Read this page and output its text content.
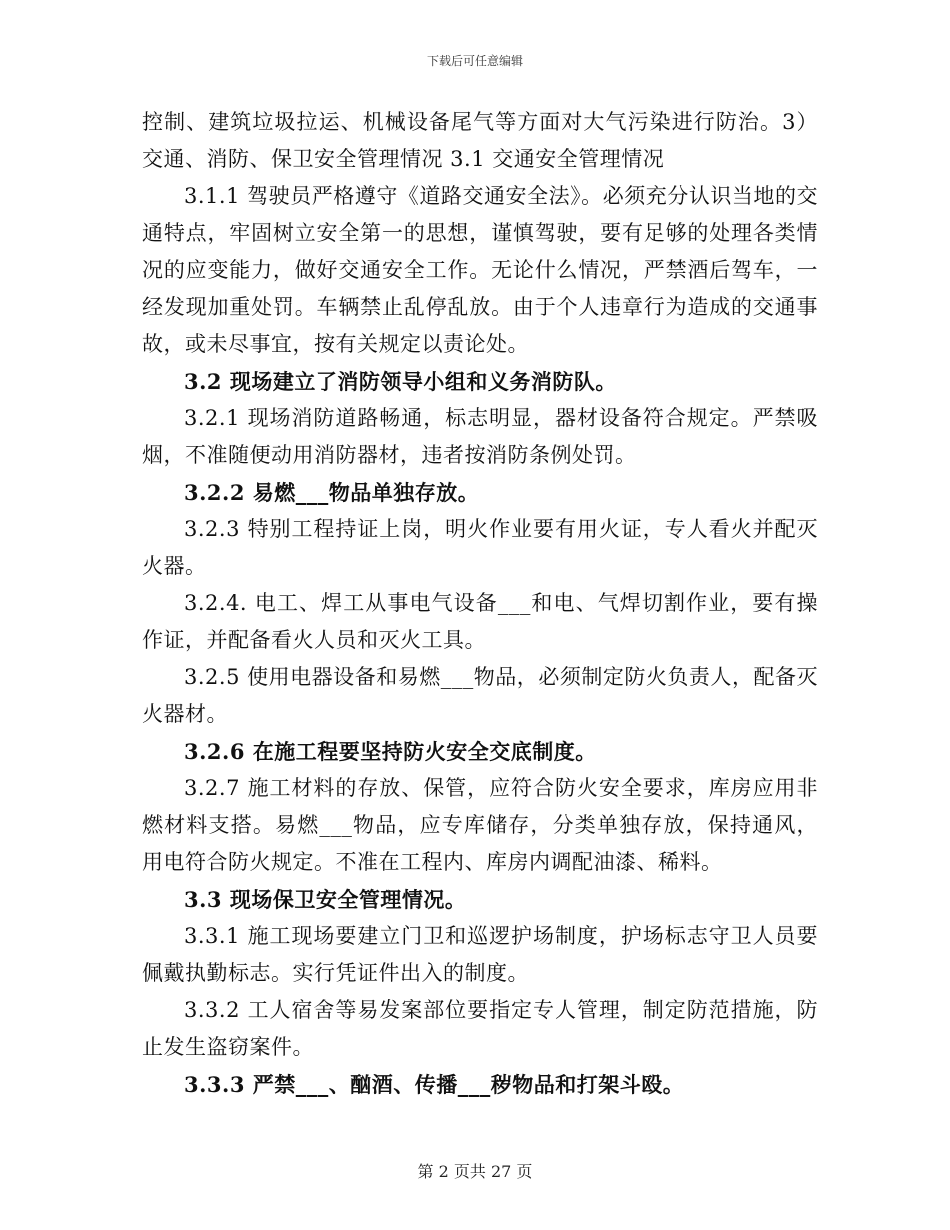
下载后可任意编辑

控制、建筑垃圾拉运、机械设备尾气等方面对大气污染进行防治。3）交通、消防、保卫安全管理情况 3.1 交通安全管理情况

3.1.1 驾驶员严格遵守《道路交通安全法》。必须充分认识当地的交通特点，牢固树立安全第一的思想，谨慎驾驶，要有足够的处理各类情况的应变能力，做好交通安全工作。无论什么情况，严禁酒后驾车，一经发现加重处罚。车辆禁止乱停乱放。由于个人违章行为造成的交通事故，或未尽事宜，按有关规定以责论处。

3.2 现场建立了消防领导小组和义务消防队。

3.2.1 现场消防道路畅通，标志明显，器材设备符合规定。严禁吸烟，不准随便动用消防器材，违者按消防条例处罚。

3.2.2 易燃___物品单独存放。

3.2.3 特别工程持证上岗，明火作业要有用火证，专人看火并配灭火器。

3.2.4. 电工、焊工从事电气设备___和电、气焊切割作业，要有操作证，并配备看火人员和灭火工具。

3.2.5 使用电器设备和易燃___物品，必须制定防火负责人，配备灭火器材。

3.2.6 在施工程要坚持防火安全交底制度。

3.2.7 施工材料的存放、保管，应符合防火安全要求，库房应用非燃材料支搭。易燃___物品，应专库储存，分类单独存放，保持通风，用电符合防火规定。不准在工程内、库房内调配油漆、稀料。

3.3 现场保卫安全管理情况。

3.3.1 施工现场要建立门卫和巡逻护场制度，护场标志守卫人员要佩戴执勤标志。实行凭证件出入的制度。

3.3.2 工人宿舍等易发案部位要指定专人管理，制定防范措施，防止发生盗窃案件。

3.3.3 严禁___、酗酒、传播___秽物品和打架斗殴。

第 2 页共 27 页
